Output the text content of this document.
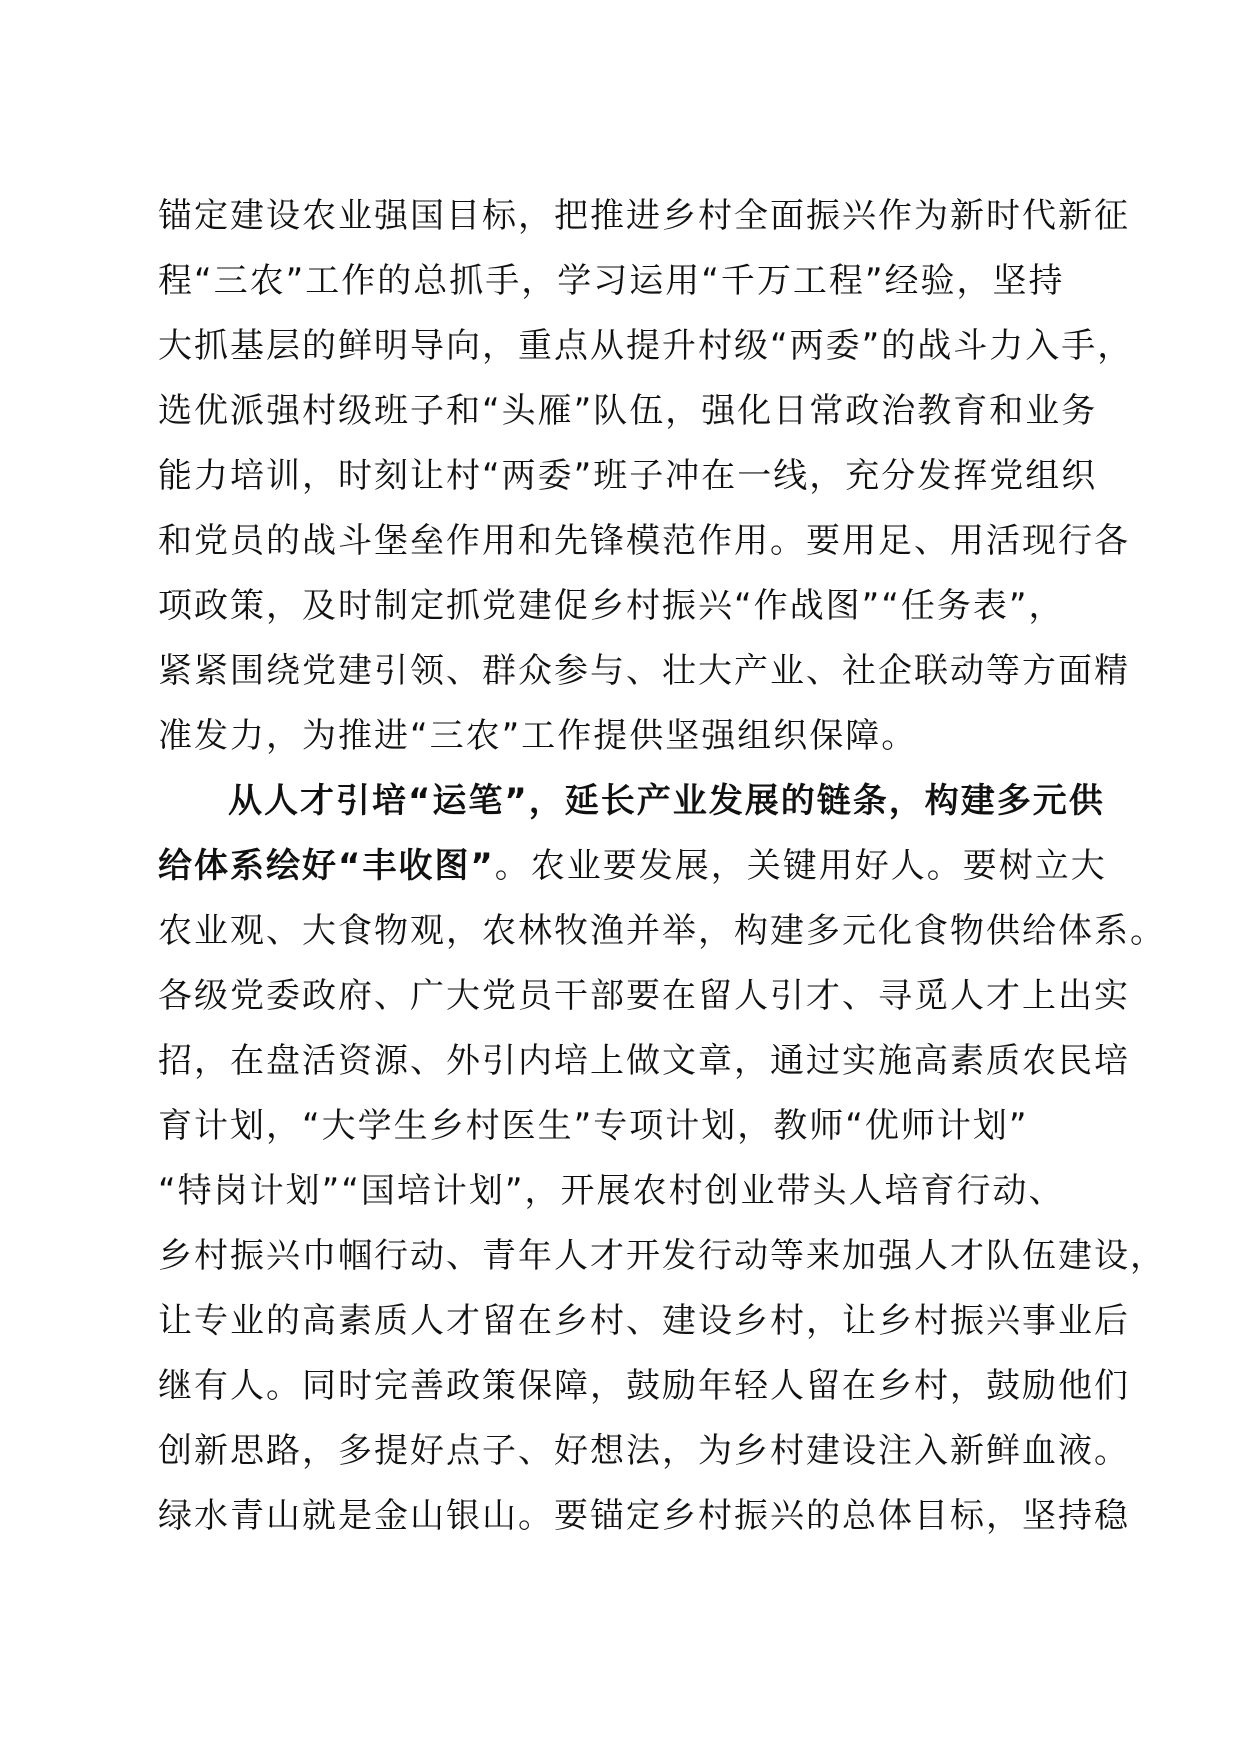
锚定建设农业强国目标，把推进乡村全面振兴作为新时代新征
程“三农”工作的总抓手，学习运用“千万工程”经验，坚持
大抓基层的鲜明导向，重点从提升村级“两委”的战斗力入手，
选优派强村级班子和“头雁”队伍，强化日常政治教育和业务
能力培训，时刻让村“两委”班子冲在一线，充分发挥党组织
和党员的战斗堡垒作用和先锋模范作用。要用足、用活现行各
项政策，及时制定抓党建促乡村振兴“作战图”“任务表”，
紧紧围绕党建引领、群众参与、壮大产业、社企联动等方面精
准发力，为推进“三农”工作提供坚强组织保障。
从人才引培“运笔”，延长产业发展的链条，构建多元供
给体系绘好“丰收图”。农业要发展，关键用好人。要树立大
农业观、大食物观，农林牧渔并举，构建多元化食物供给体系。
各级党委政府、广大党员干部要在留人引才、寻觅人才上出实
招，在盘活资源、外引内培上做文章，通过实施高素质农民培
育计划，“大学生乡村医生”专项计划，教师“优师计划”
“特岗计划”“国培计划”，开展农村创业带头人培育行动、
乡村振兴巾帼行动、青年人才开发行动等来加强人才队伍建设，
让专业的高素质人才留在乡村、建设乡村，让乡村振兴事业后
继有人。同时完善政策保障，鼓励年轻人留在乡村，鼓励他们
创新思路，多提好点子、好想法，为乡村建设注入新鲜血液。
绿水青山就是金山银山。要锚定乡村振兴的总体目标，坚持稳
